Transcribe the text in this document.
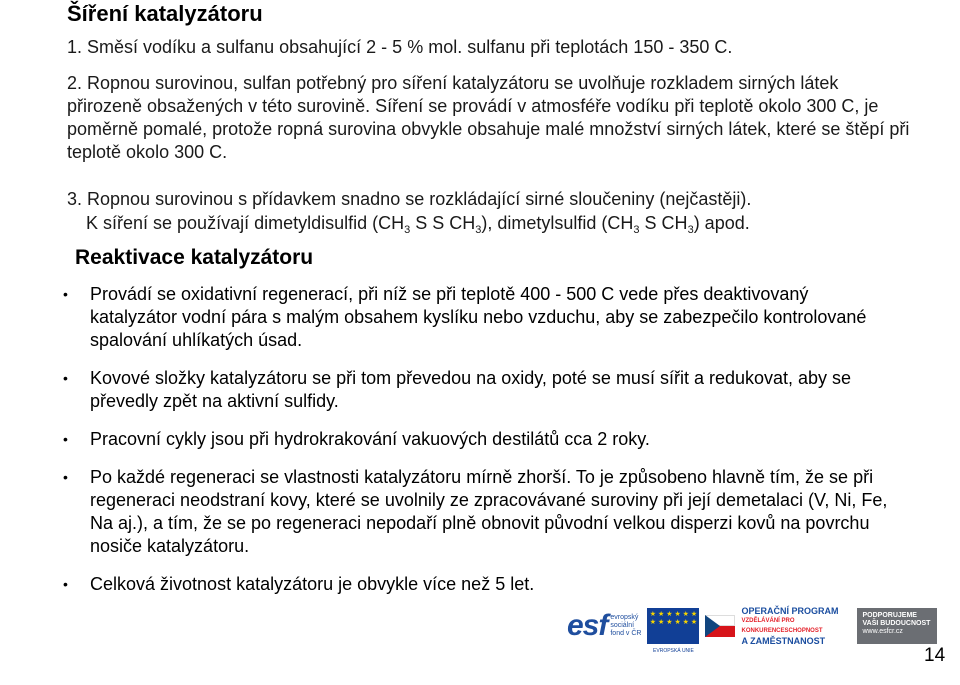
Šíření katalyzátoru
1. Směsí vodíku a sulfanu obsahující 2 - 5 % mol. sulfanu při teplotách 150 - 350 C.
2. Ropnou surovinou, sulfan potřebný pro síření katalyzátoru se uvolňuje rozkladem sirných látek přirozeně obsažených v této surovině. Síření se provádí v atmosféře vodíku při teplotě okolo 300 C, je poměrně pomalé, protože ropná surovina obvykle obsahuje malé množství sirných látek, které se štěpí při teplotě okolo 300 C.
3. Ropnou surovinou s přídavkem snadno se rozkládající sirné sloučeniny (nejčastěji).
K síření se používají dimetyldisulfid ($CH_3$ S S $CH_3$), dimetylsulfid ($CH_3$ S $CH_3$) apod.
Reaktivace katalyzátoru
•	Provádí se oxidativní regenerací, při níž se při teplotě 400 - 500 C vede přes deaktivovaný katalyzátor vodní pára s malým obsahem kyslíku nebo vzduchu, aby se zabezpečilo kontrolované spalování uhlíkatých úsad.
•	Kovové složky katalyzátoru se při tom převedou na oxidy, poté se musí sířit a redukovat, aby se převedly zpět na aktivní sulfidy.
•	Pracovní cykly jsou při hydrokrakování vakuových destilátů cca 2 roky.
•	Po každé regeneraci se vlastnosti katalyzátoru mírně zhorší. To je způsobeno hlavně tím, že se při regeneraci neodstraní kovy, které se uvolnily ze zpracovávané suroviny při její demetalaci (V, Ni, Fe, Na aj.), a tím, že se po regeneraci nepodaří plně obnovit původní velkou disperzi kovů na povrchu nosiče katalyzátoru.
•	Celková životnost katalyzátoru je obvykle více než 5 let.
esf evropský
sociální
fond v ČR
★ ★ ★ ★ ★ ★ ★ ★ ★ ★ ★ ★
EVROPSKÁ UNIE
OPERAČNÍ PROGRAM
VZDĚLÁVÁNÍ PRO KONKURENCESCHOPNOST
A ZAMĚSTNANOST
PODPORUJEME
VAŠI BUDOUCNOST
www.esfcr.cz
14
